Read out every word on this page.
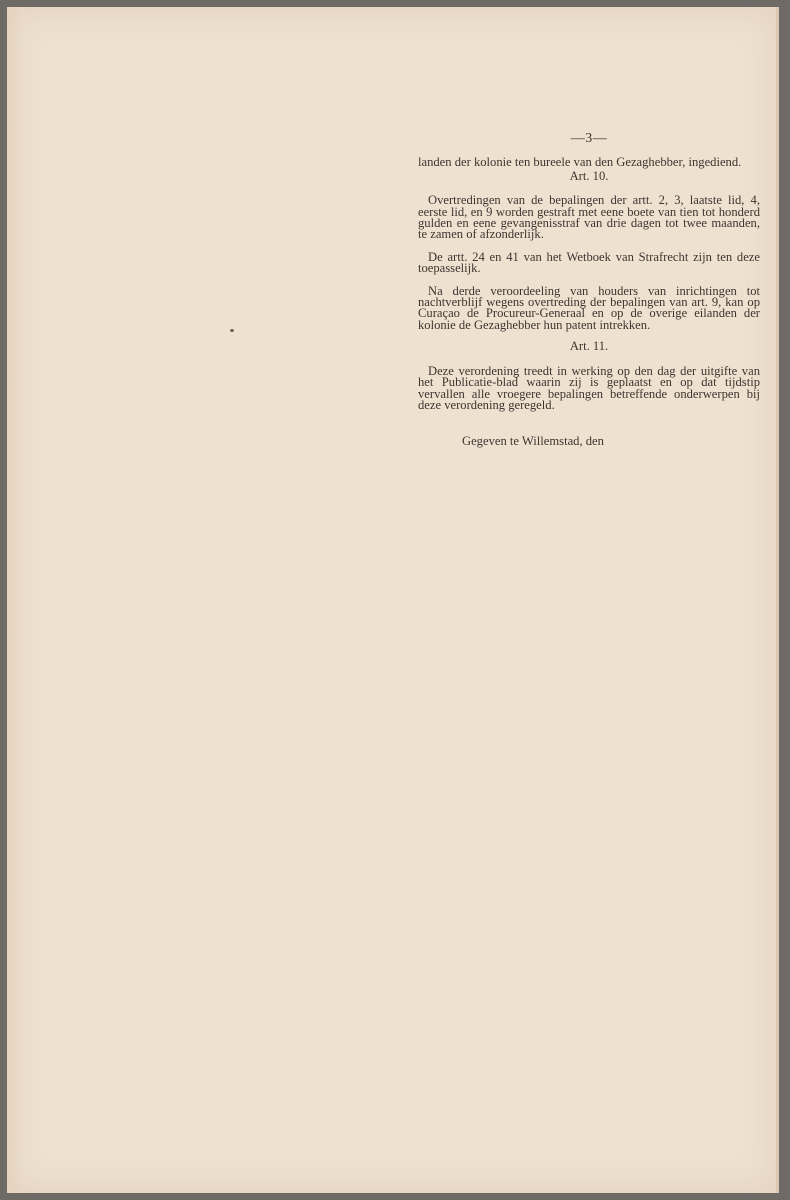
—3—

landen der kolonie ten bureele van den Gezaghebber, ingediend.

Art. 10.

Overtredingen van de bepalingen der artt. 2, 3, laatste lid, 4, eerste lid, en 9 worden gestraft met eene boete van tien tot honderd gulden en eene gevangenisstraf van drie dagen tot twee maanden, te zamen of afzonderlijk.

De artt. 24 en 41 van het Wetboek van Strafrecht zijn ten deze toepasselijk.

Na derde veroordeeling van houders van inrichtingen tot nachtverblijf wegens overtreding der bepalingen van art. 9, kan op Curaçao de Procureur-Generaal en op de overige eilanden der kolonie de Gezaghebber hun patent intrekken.

Art. 11.

Deze verordening treedt in werking op den dag der uitgifte van het Publicatie-blad waarin zij is geplaatst en op dat tijdstip vervallen alle vroegere bepalingen betreffende onderwerpen bij deze verordening geregeld.

Gegeven te Willemstad, den
